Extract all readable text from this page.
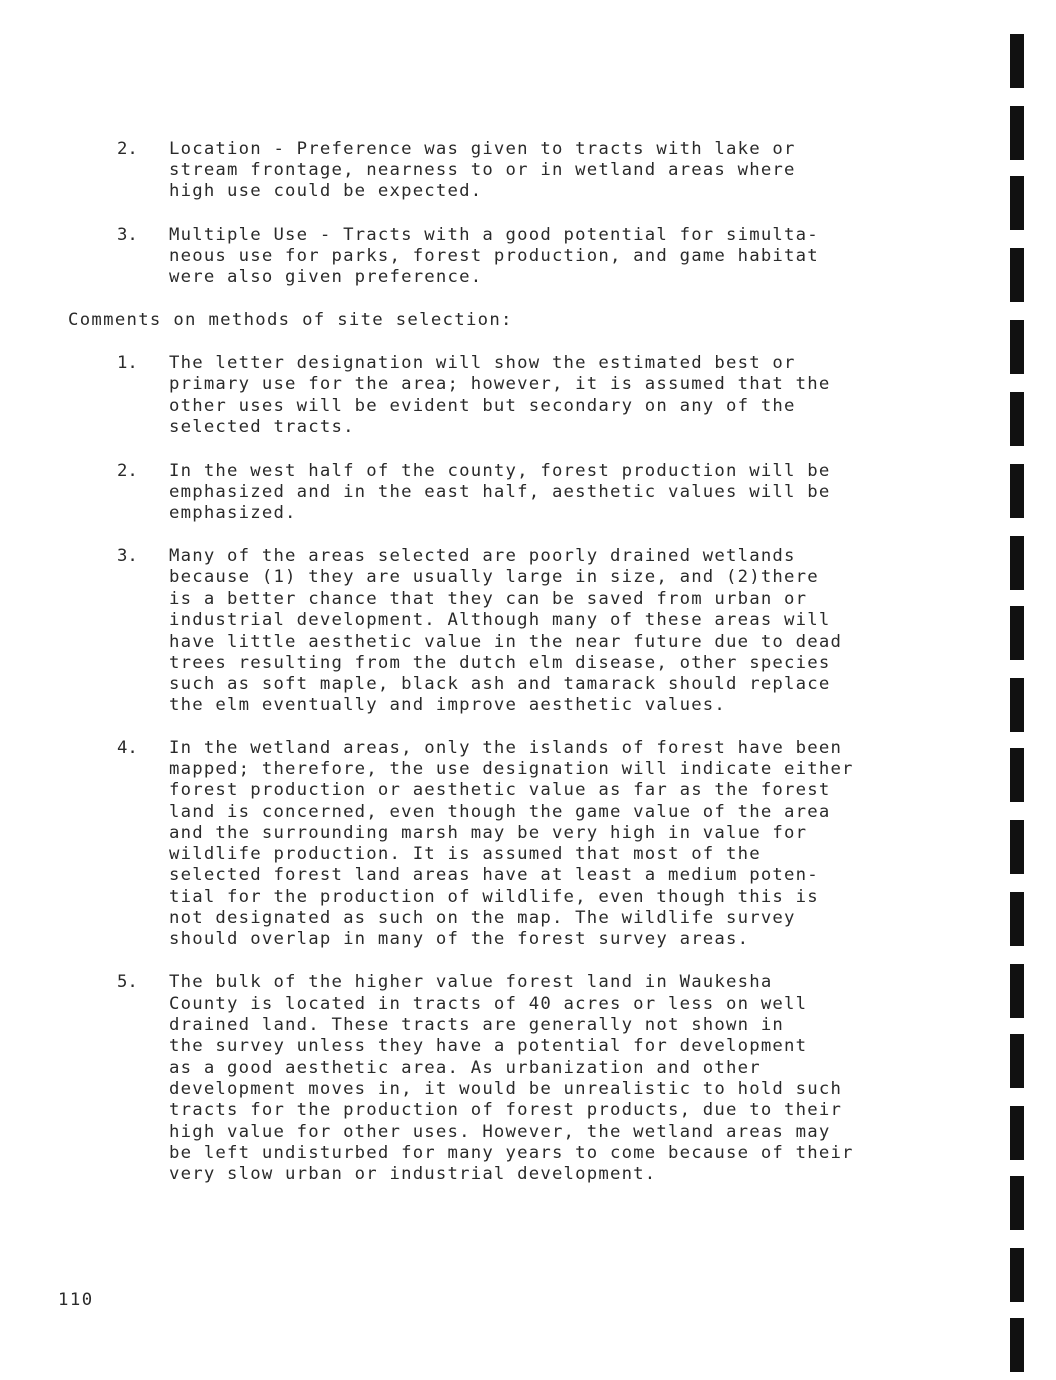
2. Location - Preference was given to tracts with lake or
stream frontage, nearness to or in wetland areas where
high use could be expected.
3. Multiple Use - Tracts with a good potential for simulta-
neous use for parks, forest production, and game habitat
were also given preference.
Comments on methods of site selection:
1. The letter designation will show the estimated best or
primary use for the area; however, it is assumed that the
other uses will be evident but secondary on any of the
selected tracts.
2. In the west half of the county, forest production will be
emphasized and in the east half, aesthetic values will be
emphasized.
3. Many of the areas selected are poorly drained wetlands
because (1) they are usually large in size, and (2)there
is a better chance that they can be saved from urban or
industrial development. Although many of these areas will
have little aesthetic value in the near future due to dead
trees resulting from the dutch elm disease, other species
such as soft maple, black ash and tamarack should replace
the elm eventually and improve aesthetic values.
4. In the wetland areas, only the islands of forest have been
mapped; therefore, the use designation will indicate either
forest production or aesthetic value as far as the forest
land is concerned, even though the game value of the area
and the surrounding marsh may be very high in value for
wildlife production. It is assumed that most of the
selected forest land areas have at least a medium poten-
tial for the production of wildlife, even though this is
not designated as such on the map. The wildlife survey
should overlap in many of the forest survey areas.
5. The bulk of the higher value forest land in Waukesha
County is located in tracts of 40 acres or less on well
drained land. These tracts are generally not shown in
the survey unless they have a potential for development
as a good aesthetic area. As urbanization and other
development moves in, it would be unrealistic to hold such
tracts for the production of forest products, due to their
high value for other uses. However, the wetland areas may
be left undisturbed for many years to come because of their
very slow urban or industrial development.
110
